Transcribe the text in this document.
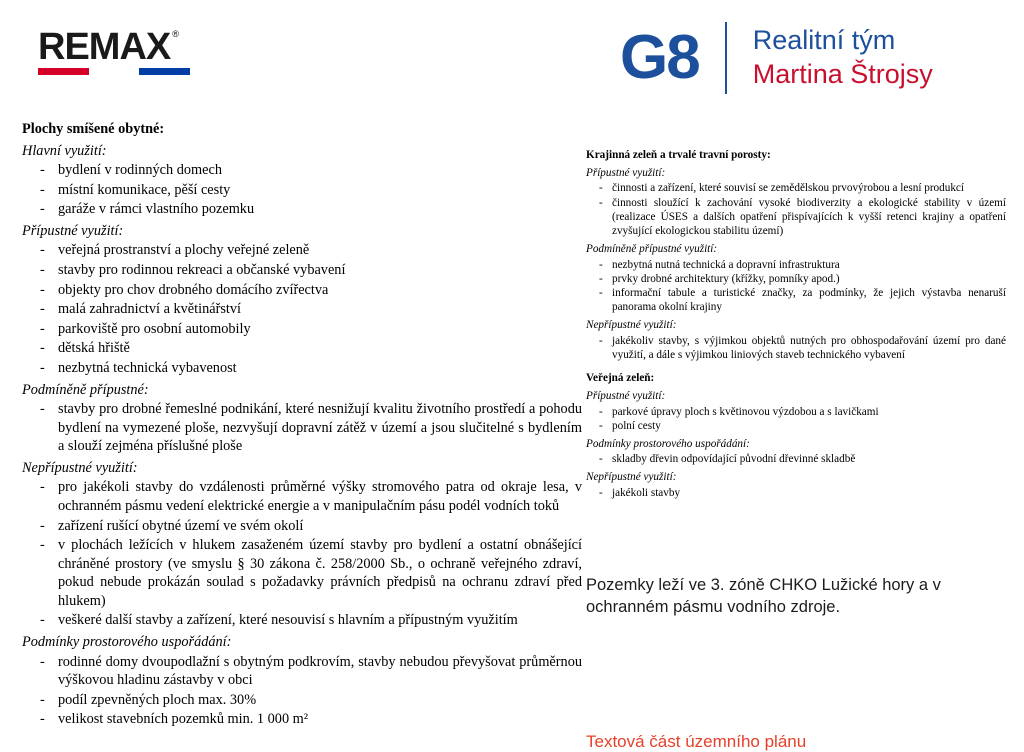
RE MAX ®	G8	Realitní tým
Martina Štrojsy
Plochy smíšené obytné:
Hlavní využití:
- bydlení v rodinných domech
- místní komunikace, pěší cesty
- garáže v rámci vlastního pozemku
Přípustné využití:
- veřejná prostranství a plochy veřejné zeleně
- stavby pro rodinnou rekreaci a občanské vybavení
- objekty pro chov drobného domácího zvířectva
- malá zahradnictví a květinářství
- parkoviště pro osobní automobily
- dětská hřiště
- nezbytná technická vybavenost
Podmíněně přípustné:
- stavby pro drobné řemeslné podnikání, které nesnižují kvalitu životního prostředí a pohodu bydlení na vymezené ploše, nezvyšují dopravní zátěž v území a jsou slučitelné s bydlením a slouží zejména příslušné ploše
Nepřípustné využití:
- pro jakékoli stavby do vzdálenosti průměrné výšky stromového patra od okraje lesa, v ochranném pásmu vedení elektrické energie a v manipulačním pásu podél vodních toků
- zařízení rušící obytné území ve svém okolí
- v plochách ležících v hlukem zasaženém území stavby pro bydlení a ostatní obnášející chráněné prostory (ve smyslu § 30 zákona č. 258/2000 Sb., o ochraně veřejného zdraví, pokud nebude prokázán soulad s požadavky právních předpisů na ochranu zdraví před hlukem)
- veškeré další stavby a zařízení, které nesouvisí s hlavním a přípustným využitím
Podmínky prostorového uspořádání:
- rodinné domy dvoupodlažní s obytným podkrovím, stavby nebudou převyšovat průměrnou výškovou hladinu zástavby v obci
- podíl zpevněných ploch max. 30%
- velikost stavebních pozemků min. 1 000 m²
Krajinná zeleň a trvalé travní porosty:
Přípustné využití:
- činnosti a zařízení, které souvisí se zemědělskou prvovýrobou a lesní produkcí
- činnosti sloužící k zachování vysoké biodiverzity a ekologické stability v území (realizace ÚSES a dalších opatření přispívajících k vyšší retenci krajiny a opatření zvyšující ekologickou stabilitu území)
Podmíněně přípustné využití:
- nezbytná nutná technická a dopravní infrastruktura
- prvky drobné architektury (křížky, pomníky apod.)
- informační tabule a turistické značky, za podmínky, že jejich výstavba nenaruší panorama okolní krajiny
Nepřípustné využití:
- jakékoliv stavby, s výjimkou objektů nutných pro obhospodařování území pro dané využití, a dále s výjimkou liniových staveb technického vybavení
Veřejná zeleň:
Přípustné využití:
- parkové úpravy ploch s květinovou výzdobou a s lavičkami
- polní cesty
Podmínky prostorového uspořádání:
- skladby dřevin odpovídající původní dřevinné skladbě
Nepřípustné využití:
- jakékoli stavby
Pozemky leží ve 3. zóně CHKO Lužické hory a v ochranném pásmu vodního zdroje.
Textová část územního plánu
